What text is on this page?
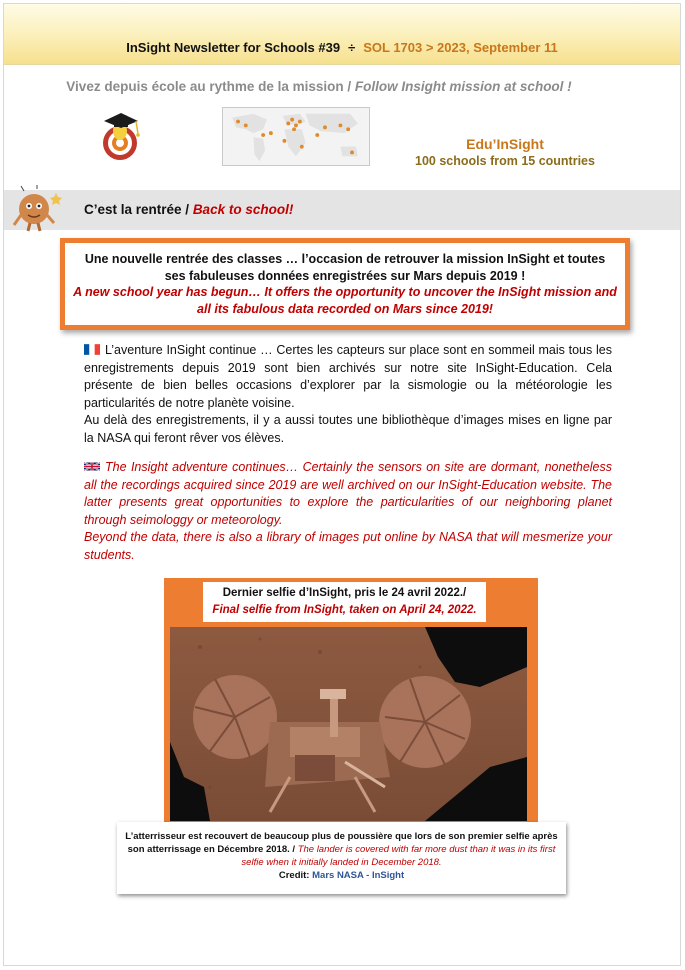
InSight Newsletter for Schools #39 ÷ SOL 1703 > 2023, September 11
Vivez depuis école au rythme de la mission / Follow Insight mission at school !
Edu’InSight
100 schools from 15 countries
C’est la rentrée / Back to school!
Une nouvelle rentrée des classes … l’occasion de retrouver la mission InSight et toutes ses fabuleuses données enregistrées sur Mars depuis 2019 !
A new school year has begun… It offers the opportunity to uncover the InSight mission and all its fabulous data recorded on Mars since 2019!
L’aventure InSight continue … Certes les capteurs sur place sont en sommeil mais tous les enregistrements depuis 2019 sont bien archivés sur notre site InSight-Education. Cela présente de bien belles occasions d’explorer par la sismologie ou la météorologie les particularités de notre planète voisine.
Au delà des enregistrements, il y a aussi toutes une bibliothèque d’images mises en ligne par la NASA qui feront rêver vos élèves.
The Insight adventure continues… Certainly the sensors on site are dormant, nonetheless all the recordings acquired since 2019 are well archived on our InSight-Education website. The latter presents great opportunities to explore the particularities of our neighboring planet through seimologgy or meteorology.
Beyond the data, there is also a library of images put online by NASA that will mesmerize your students.
Dernier selfie d’InSight, pris le 24 avril 2022./
Final selfie from InSight, taken on April 24, 2022.
L’atterrisseur est recouvert de beaucoup plus de poussière que lors de son premier selfie après son atterrissage en Décembre 2018. / The lander is covered with far more dust than it was in its first selfie when it initially landed in December 2018.
Credit: Mars NASA - InSight
